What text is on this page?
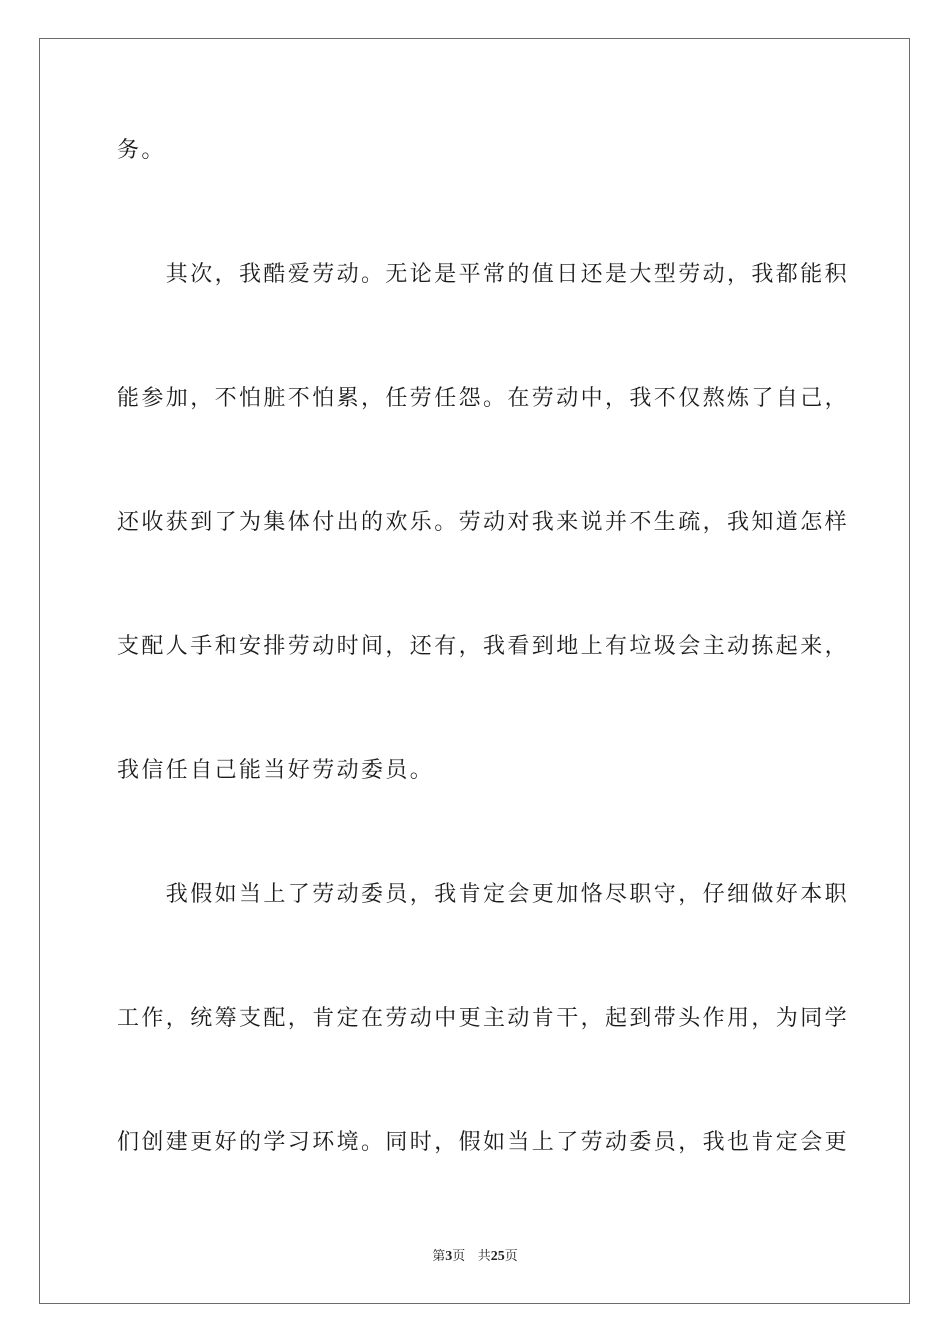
务。
　　其次，我酷爱劳动。无论是平常的值日还是大型劳动，我都能积
能参加，不怕脏不怕累，任劳任怨。在劳动中，我不仅熬炼了自己，
还收获到了为集体付出的欢乐。劳动对我来说并不生疏，我知道怎样
支配人手和安排劳动时间，还有，我看到地上有垃圾会主动拣起来，
我信任自己能当好劳动委员。
　　我假如当上了劳动委员，我肯定会更加恪尽职守，仔细做好本职
工作，统筹支配，肯定在劳动中更主动肯干，起到带头作用，为同学
们创建更好的学习环境。同时，假如当上了劳动委员，我也肯定会更
第3页 共25页
